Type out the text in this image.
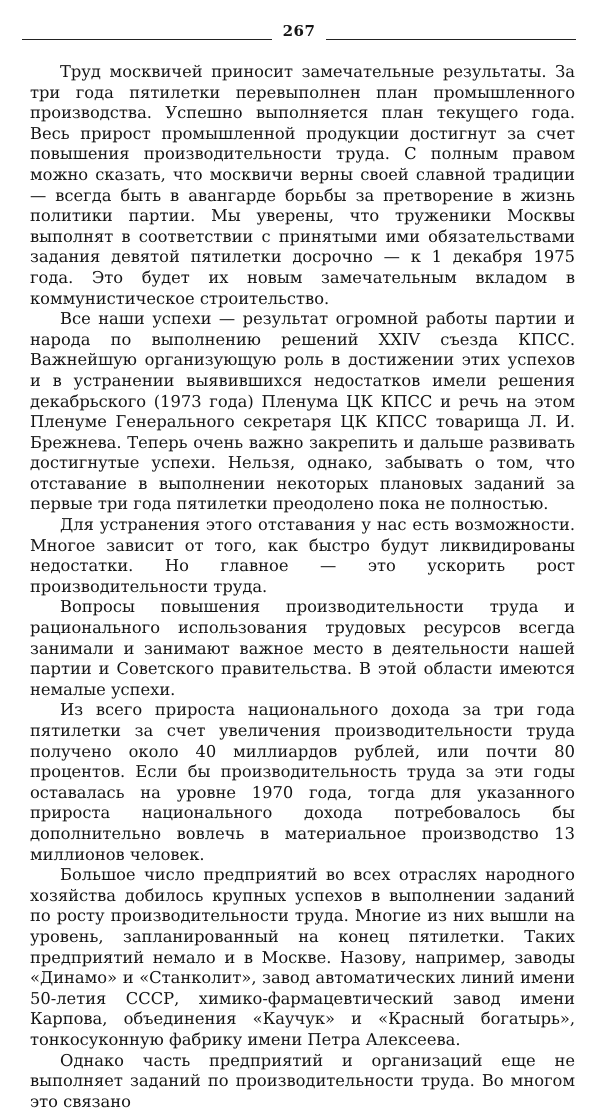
267

Труд москвичей приносит замечательные результаты. За три года пятилетки перевыполнен план промышленного производства. Успешно выполняется план текущего года. Весь прирост промышленной продукции достигнут за счет повышения производительности труда. С полным правом можно сказать, что москвичи верны своей славной традиции — всегда быть в авангарде борьбы за претворение в жизнь политики партии. Мы уверены, что труженики Москвы выполнят в соответствии с принятыми ими обязательствами задания девятой пятилетки досрочно — к 1 декабря 1975 года. Это будет их новым замечательным вкладом в коммунистическое строительство.

Все наши успехи — результат огромной работы партии и народа по выполнению решений XXIV съезда КПСС. Важнейшую организующую роль в достижении этих успехов и в устранении выявившихся недостатков имели решения декабрьского (1973 года) Пленума ЦК КПСС и речь на этом Пленуме Генерального секретаря ЦК КПСС товарища Л. И. Брежнева. Теперь очень важно закрепить и дальше развивать достигнутые успехи. Нельзя, однако, забывать о том, что отставание в выполнении некоторых плановых заданий за первые три года пятилетки преодолено пока не полностью.

Для устранения этого отставания у нас есть возможности. Многое зависит от того, как быстро будут ликвидированы недостатки. Но главное — это ускорить рост производительности труда.

Вопросы повышения производительности труда и рационального использования трудовых ресурсов всегда занимали и занимают важное место в деятельности нашей партии и Советского правительства. В этой области имеются немалые успехи.

Из всего прироста национального дохода за три года пятилетки за счет увеличения производительности труда получено около 40 миллиардов рублей, или почти 80 процентов. Если бы производительность труда за эти годы оставалась на уровне 1970 года, тогда для указанного прироста национального дохода потребовалось бы дополнительно вовлечь в материальное производство 13 миллионов человек.

Большое число предприятий во всех отраслях народного хозяйства добилось крупных успехов в выполнении заданий по росту производительности труда. Многие из них вышли на уровень, запланированный на конец пятилетки. Таких предприятий немало и в Москве. Назову, например, заводы «Динамо» и «Станколит», завод автоматических линий имени 50-летия СССР, химико-фармацевтический завод имени Карпова, объединения «Каучук» и «Красный богатырь», тонкосуконную фабрику имени Петра Алексеева.

Однако часть предприятий и организаций еще не выполняет заданий по производительности труда. Во многом это связано
